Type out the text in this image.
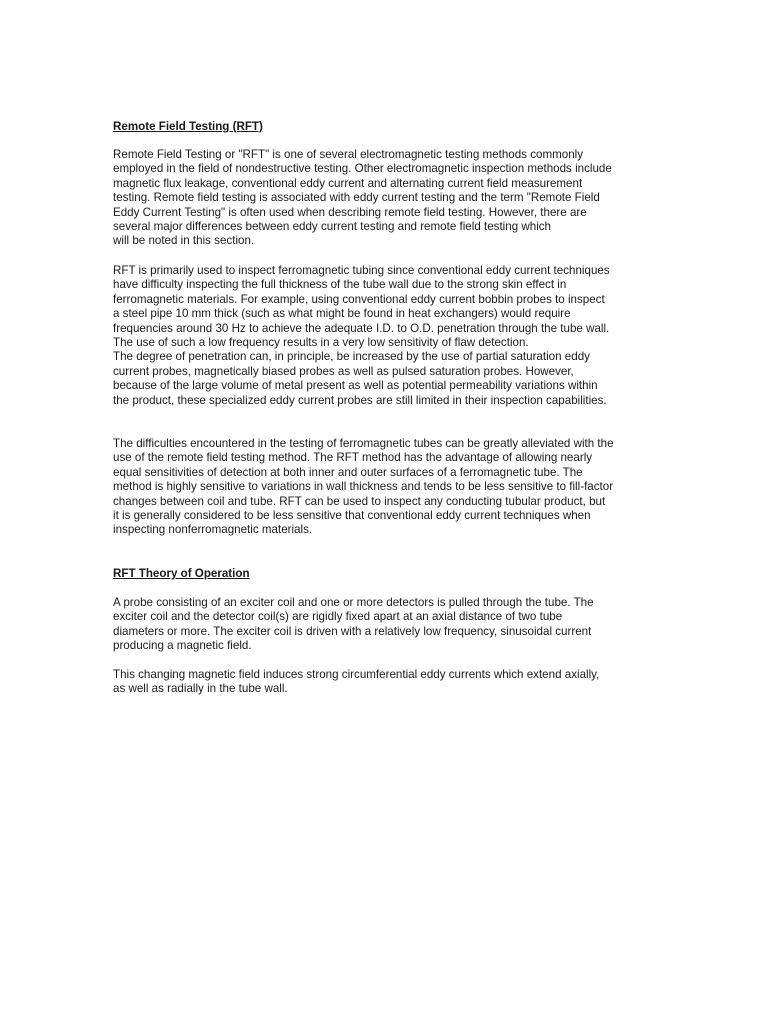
Remote Field Testing (RFT)
Remote Field Testing or "RFT" is one of several electromagnetic testing methods commonly
employed in the field of nondestructive testing. Other electromagnetic inspection methods include
magnetic flux leakage, conventional eddy current and alternating current field measurement
testing. Remote field testing is associated with eddy current testing and the term "Remote Field
Eddy Current Testing" is often used when describing remote field testing. However, there are
several major differences between eddy current testing and remote field testing which
will be noted in this section.
RFT is primarily used to inspect ferromagnetic tubing since conventional eddy current techniques
have difficulty inspecting the full thickness of the tube wall due to the strong skin effect in
ferromagnetic materials. For example, using conventional eddy current bobbin probes to inspect
a steel pipe 10 mm thick (such as what might be found in heat exchangers) would require
frequencies around 30 Hz to achieve the adequate I.D. to O.D. penetration through the tube wall.
The use of such a low frequency results in a very low sensitivity of flaw detection.
The degree of penetration can, in principle, be increased by the use of partial saturation eddy
current probes, magnetically biased probes as well as pulsed saturation probes. However,
because of the large volume of metal present as well as potential permeability variations within
the product, these specialized eddy current probes are still limited in their inspection capabilities.
The difficulties encountered in the testing of ferromagnetic tubes can be greatly alleviated with the
use of the remote field testing method. The RFT method has the advantage of allowing nearly
equal sensitivities of detection at both inner and outer surfaces of a ferromagnetic tube. The
method is highly sensitive to variations in wall thickness and tends to be less sensitive to fill-factor
changes between coil and tube. RFT can be used to inspect any conducting tubular product, but
it is generally considered to be less sensitive that conventional eddy current techniques when
inspecting nonferromagnetic materials.
RFT Theory of Operation
A probe consisting of an exciter coil and one or more detectors is pulled through the tube. The
exciter coil and the detector coil(s) are rigidly fixed apart at an axial distance of two tube
diameters or more. The exciter coil is driven with a relatively low frequency, sinusoidal current
producing a magnetic field.
This changing magnetic field induces strong circumferential eddy currents which extend axially,
as well as radially in the tube wall.
